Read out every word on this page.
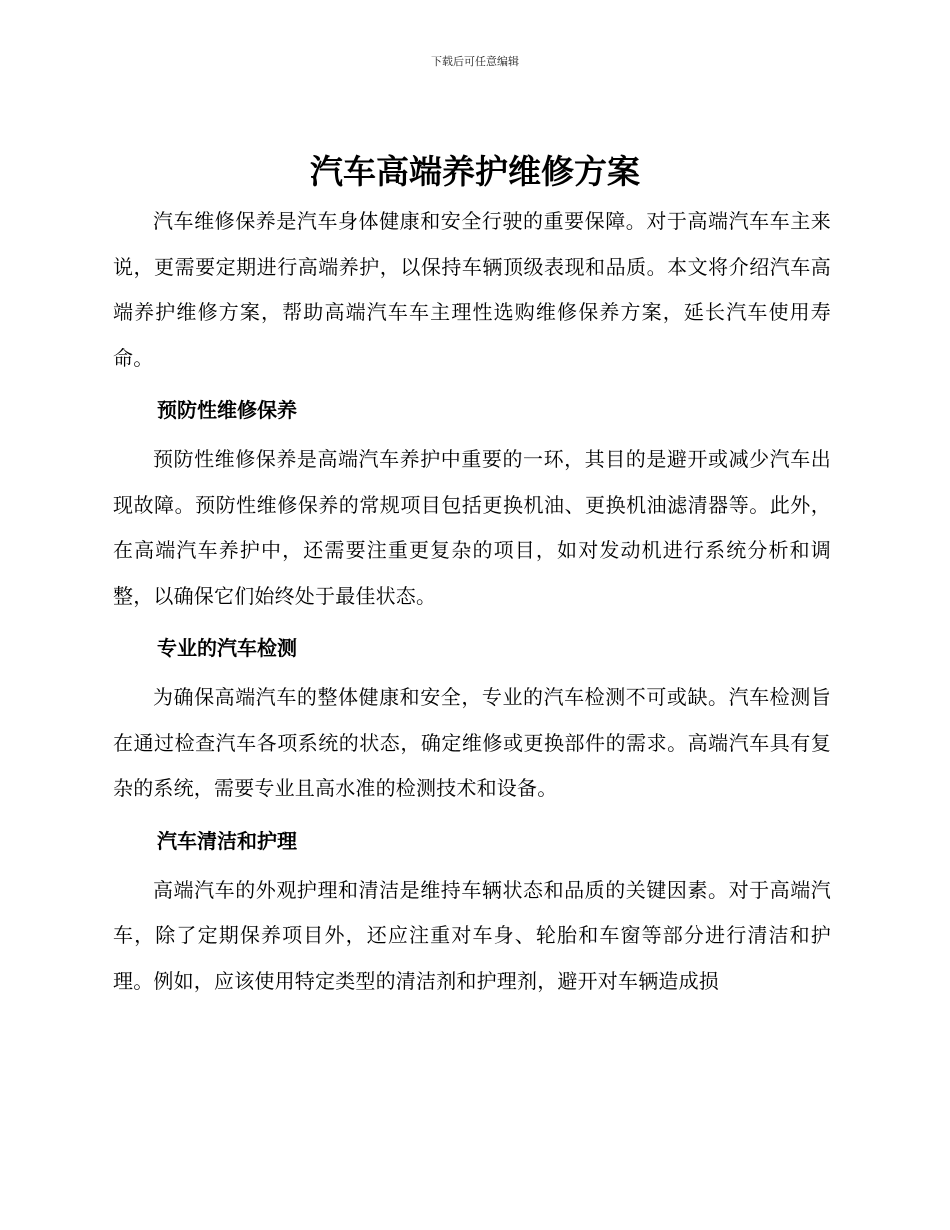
下载后可任意编辑
汽车高端养护维修方案

汽车维修保养是汽车身体健康和安全行驶的重要保障。对于高端汽车车主来说，更需要定期进行高端养护，以保持车辆顶级表现和品质。本文将介绍汽车高端养护维修方案，帮助高端汽车车主理性选购维修保养方案，延长汽车使用寿命。

预防性维修保养

预防性维修保养是高端汽车养护中重要的一环，其目的是避开或减少汽车出现故障。预防性维修保养的常规项目包括更换机油、更换机油滤清器等。此外，在高端汽车养护中，还需要注重更复杂的项目，如对发动机进行系统分析和调整，以确保它们始终处于最佳状态。

专业的汽车检测

为确保高端汽车的整体健康和安全，专业的汽车检测不可或缺。汽车检测旨在通过检查汽车各项系统的状态，确定维修或更换部件的需求。高端汽车具有复杂的系统，需要专业且高水准的检测技术和设备。

汽车清洁和护理

高端汽车的外观护理和清洁是维持车辆状态和品质的关键因素。对于高端汽车，除了定期保养项目外，还应注重对车身、轮胎和车窗等部分进行清洁和护理。例如，应该使用特定类型的清洁剂和护理剂，避开对车辆造成损
